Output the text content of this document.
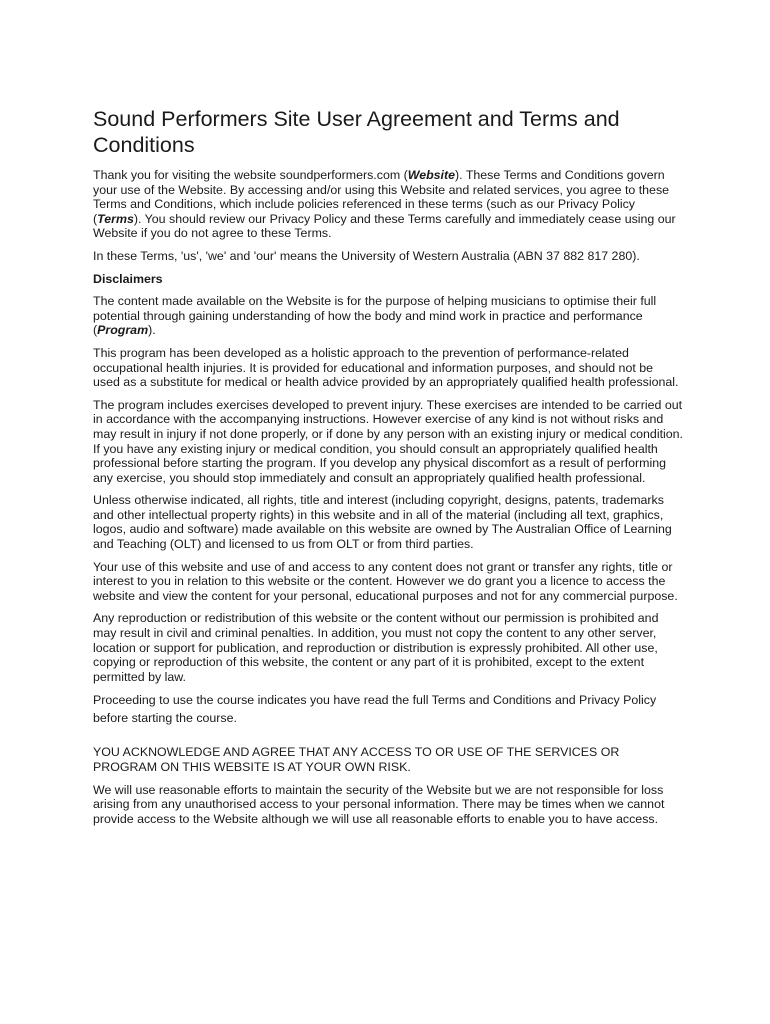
Sound Performers Site User Agreement and Terms and Conditions

Thank you for visiting the website soundperformers.com (Website). These Terms and Conditions govern your use of the Website. By accessing and/or using this Website and related services, you agree to these Terms and Conditions, which include policies referenced in these terms (such as our Privacy Policy (Terms). You should review our Privacy Policy and these Terms carefully and immediately cease using our Website if you do not agree to these Terms.

In these Terms, 'us', 'we' and 'our' means the University of Western Australia (ABN 37 882 817 280).

Disclaimers

The content made available on the Website is for the purpose of helping musicians to optimise their full potential through gaining understanding of how the body and mind work in practice and performance (Program).

This program has been developed as a holistic approach to the prevention of performance-related occupational health injuries. It is provided for educational and information purposes, and should not be used as a substitute for medical or health advice provided by an appropriately qualified health professional.

The program includes exercises developed to prevent injury. These exercises are intended to be carried out in accordance with the accompanying instructions. However exercise of any kind is not without risks and may result in injury if not done properly, or if done by any person with an existing injury or medical condition. If you have any existing injury or medical condition, you should consult an appropriately qualified health professional before starting the program. If you develop any physical discomfort as a result of performing any exercise, you should stop immediately and consult an appropriately qualified health professional.

Unless otherwise indicated, all rights, title and interest (including copyright, designs, patents, trademarks and other intellectual property rights) in this website and in all of the material (including all text, graphics, logos, audio and software) made available on this website are owned by The Australian Office of Learning and Teaching (OLT) and licensed to us from OLT or from third parties.

Your use of this website and use of and access to any content does not grant or transfer any rights, title or interest to you in relation to this website or the content. However we do grant you a licence to access the website and view the content for your personal, educational purposes and not for any commercial purpose.

Any reproduction or redistribution of this website or the content without our permission is prohibited and may result in civil and criminal penalties. In addition, you must not copy the content to any other server, location or support for publication, and reproduction or distribution is expressly prohibited. All other use, copying or reproduction of this website, the content or any part of it is prohibited, except to the extent permitted by law.

Proceeding to use the course indicates you have read the full Terms and Conditions and Privacy Policy before starting the course.

YOU ACKNOWLEDGE AND AGREE THAT ANY ACCESS TO OR USE OF THE SERVICES OR PROGRAM ON THIS WEBSITE IS AT YOUR OWN RISK.

We will use reasonable efforts to maintain the security of the Website but we are not responsible for loss arising from any unauthorised access to your personal information. There may be times when we cannot provide access to the Website although we will use all reasonable efforts to enable you to have access.
